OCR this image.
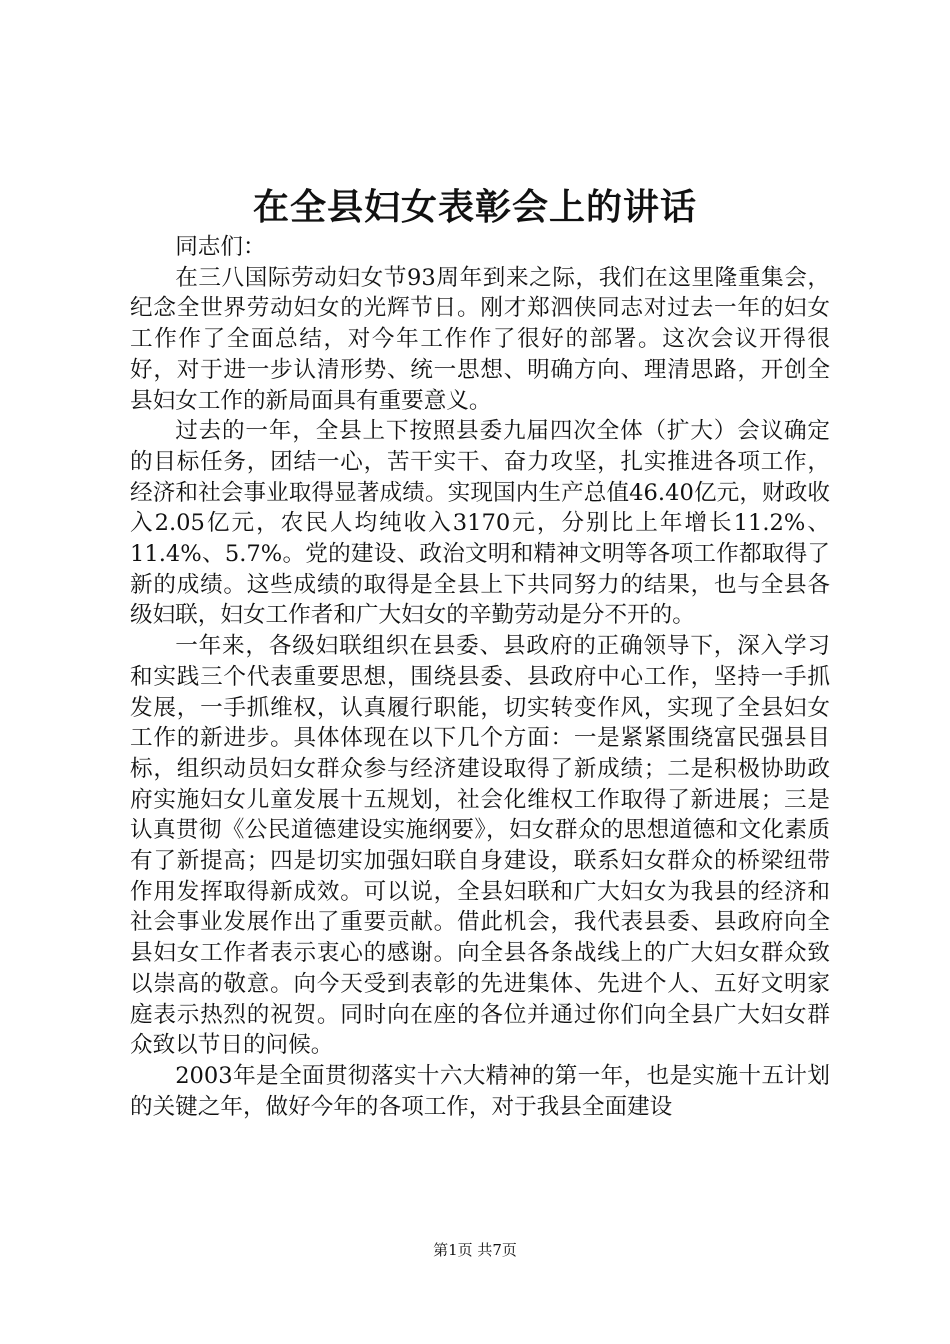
在全县妇女表彰会上的讲话

同志们：

在三八国际劳动妇女节93周年到来之际，我们在这里隆重集会，纪念全世界劳动妇女的光辉节日。刚才郑泗侠同志对过去一年的妇女工作作了全面总结，对今年工作作了很好的部署。这次会议开得很好，对于进一步认清形势、统一思想、明确方向、理清思路，开创全县妇女工作的新局面具有重要意义。

过去的一年，全县上下按照县委九届四次全体（扩大）会议确定的目标任务，团结一心，苦干实干、奋力攻坚，扎实推进各项工作，经济和社会事业取得显著成绩。实现国内生产总值46.40亿元，财政收入2.05亿元，农民人均纯收入3170元，分别比上年增长11.2%、11.4%、5.7%。党的建设、政治文明和精神文明等各项工作都取得了新的成绩。这些成绩的取得是全县上下共同努力的结果，也与全县各级妇联，妇女工作者和广大妇女的辛勤劳动是分不开的。

一年来，各级妇联组织在县委、县政府的正确领导下，深入学习和实践三个代表重要思想，围绕县委、县政府中心工作，坚持一手抓发展，一手抓维权，认真履行职能，切实转变作风，实现了全县妇女工作的新进步。具体体现在以下几个方面：一是紧紧围绕富民强县目标，组织动员妇女群众参与经济建设取得了新成绩；二是积极协助政府实施妇女儿童发展十五规划，社会化维权工作取得了新进展；三是认真贯彻《公民道德建设实施纲要》，妇女群众的思想道德和文化素质有了新提高；四是切实加强妇联自身建设，联系妇女群众的桥梁纽带作用发挥取得新成效。可以说，全县妇联和广大妇女为我县的经济和社会事业发展作出了重要贡献。借此机会，我代表县委、县政府向全县妇女工作者表示衷心的感谢。向全县各条战线上的广大妇女群众致以崇高的敬意。向今天受到表彰的先进集体、先进个人、五好文明家庭表示热烈的祝贺。同时向在座的各位并通过你们向全县广大妇女群众致以节日的问候。

2003年是全面贯彻落实十六大精神的第一年，也是实施十五计划的关键之年，做好今年的各项工作，对于我县全面建设

第1页 共7页
